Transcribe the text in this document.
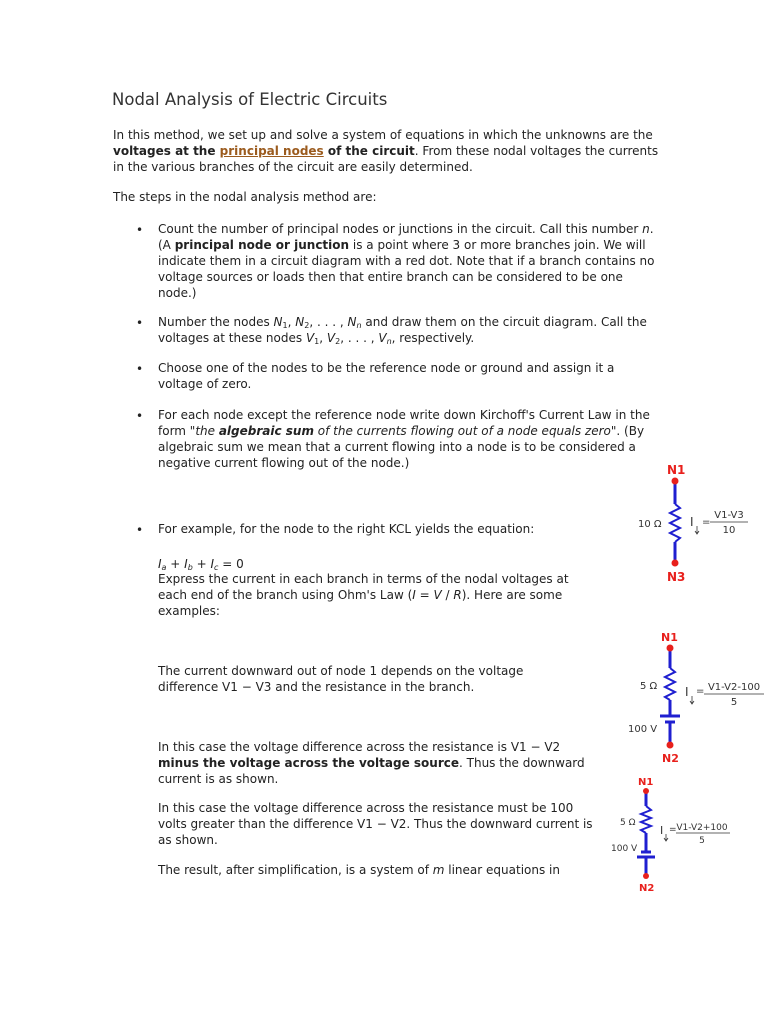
Nodal Analysis of Electric Circuits
In this method, we set up and solve a system of equations in which the unknowns are the voltages at the principal nodes of the circuit. From these nodal voltages the currents in the various branches of the circuit are easily determined.
The steps in the nodal analysis method are:
• Count the number of principal nodes or junctions in the circuit. Call this number n. (A principal node or junction is a point where 3 or more branches join. We will indicate them in a circuit diagram with a red dot. Note that if a branch contains no voltage sources or loads then that entire branch can be considered to be one node.)
• Number the nodes $N_1$, $N_2$, . . . , $N_n$ and draw them on the circuit diagram. Call the voltages at these nodes $V_1$, $V_2$, . . . , $V_n$, respectively.
• Choose one of the nodes to be the reference node or ground and assign it a voltage of zero.
• For each node except the reference node write down Kirchoff's Current Law in the form "the algebraic sum of the currents flowing out of a node equals zero". (By algebraic sum we mean that a current flowing into a node is to be considered a negative current flowing out of the node.)
• For example, for the node to the right KCL yields the equation:
$I_a + I_b + I_c = 0$
Express the current in each branch in terms of the nodal voltages at each end of the branch using Ohm's Law (I = V / R). Here are some examples:
The current downward out of node 1 depends on the voltage difference V1 − V3 and the resistance in the branch.
In this case the voltage difference across the resistance is V1 − V2 minus the voltage across the voltage source. Thus the downward current is as shown.
In this case the voltage difference across the resistance must be 100 volts greater than the difference V1 − V2. Thus the downward current is as shown.
The result, after simplification, is a system of m linear equations in
N1
N3
10 Ω I =
V1-V3
10
N1
N2
5 Ω
100 V
I = V1-V2-100
5
N1
N2
5 Ω
100 V
I = V1-V2+100
5
